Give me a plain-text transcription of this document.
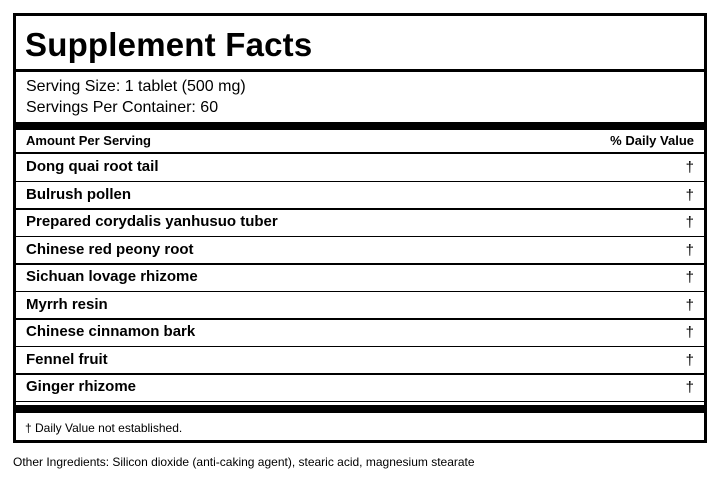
Supplement Facts
Serving Size: 1 tablet (500 mg)
Servings Per Container: 60
Amount Per Serving	% Daily Value
Dong quai root tail	†
Bulrush pollen	†
Prepared corydalis yanhusuo tuber	†
Chinese red peony root	†
Sichuan lovage rhizome	†
Myrrh resin	†
Chinese cinnamon bark	†
Fennel fruit	†
Ginger rhizome	†
† Daily Value not established.
Other Ingredients: Silicon dioxide (anti-caking agent), stearic acid, magnesium stearate
